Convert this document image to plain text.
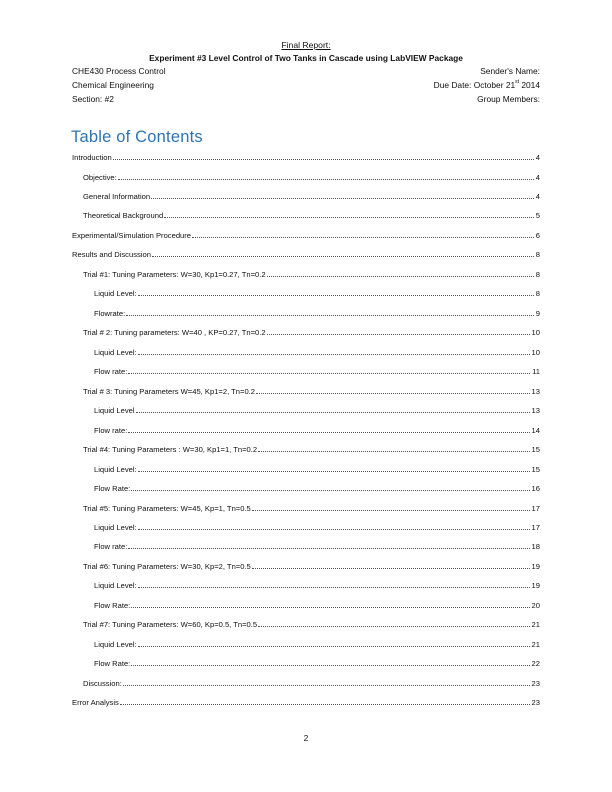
Final Report:
Experiment #3 Level Control of Two Tanks in Cascade using LabVIEW Package
CHE430 Process Control	Sender's Name:
Chemical Engineering	Due Date: October 21st 2014
Section: #2	Group Members:
Table of Contents
Introduction	4
Objective:	4
General Information	4
Theoretical Background	5
Experimental/Simulation Procedure	6
Results and Discussion	8
Trial #1: Tuning Parameters: W=30, Kp1=0.27, Tn=0.2	8
Liquid Level:	8
Flowrate:	9
Trial # 2: Tuning parameters: W=40 , KP=0.27, Tn=0.2	10
Liquid Level:	10
Flow rate:	11
Trial # 3: Tuning Parameters W=45, Kp1=2, Tn=0.2	13
Liquid Level	13
Flow rate:	14
Trial #4: Tuning Parameters : W=30, Kp1=1, Tn=0.2	15
Liquid Level:	15
Flow Rate:	16
Trial #5: Tuning Parameters: W=45, Kp=1, Tn=0.5	17
Liquid Level:	17
Flow rate:	18
Trial #6: Tuning Parameters: W=30, Kp=2, Tn=0.5	19
Liquid Level:	19
Flow Rate:	20
Trial #7: Tuning Parameters: W=60, Kp=0.5, Tn=0.5	21
Liquid Level:	21
Flow Rate:	22
Discussion:	23
Error Analysis	23
2
